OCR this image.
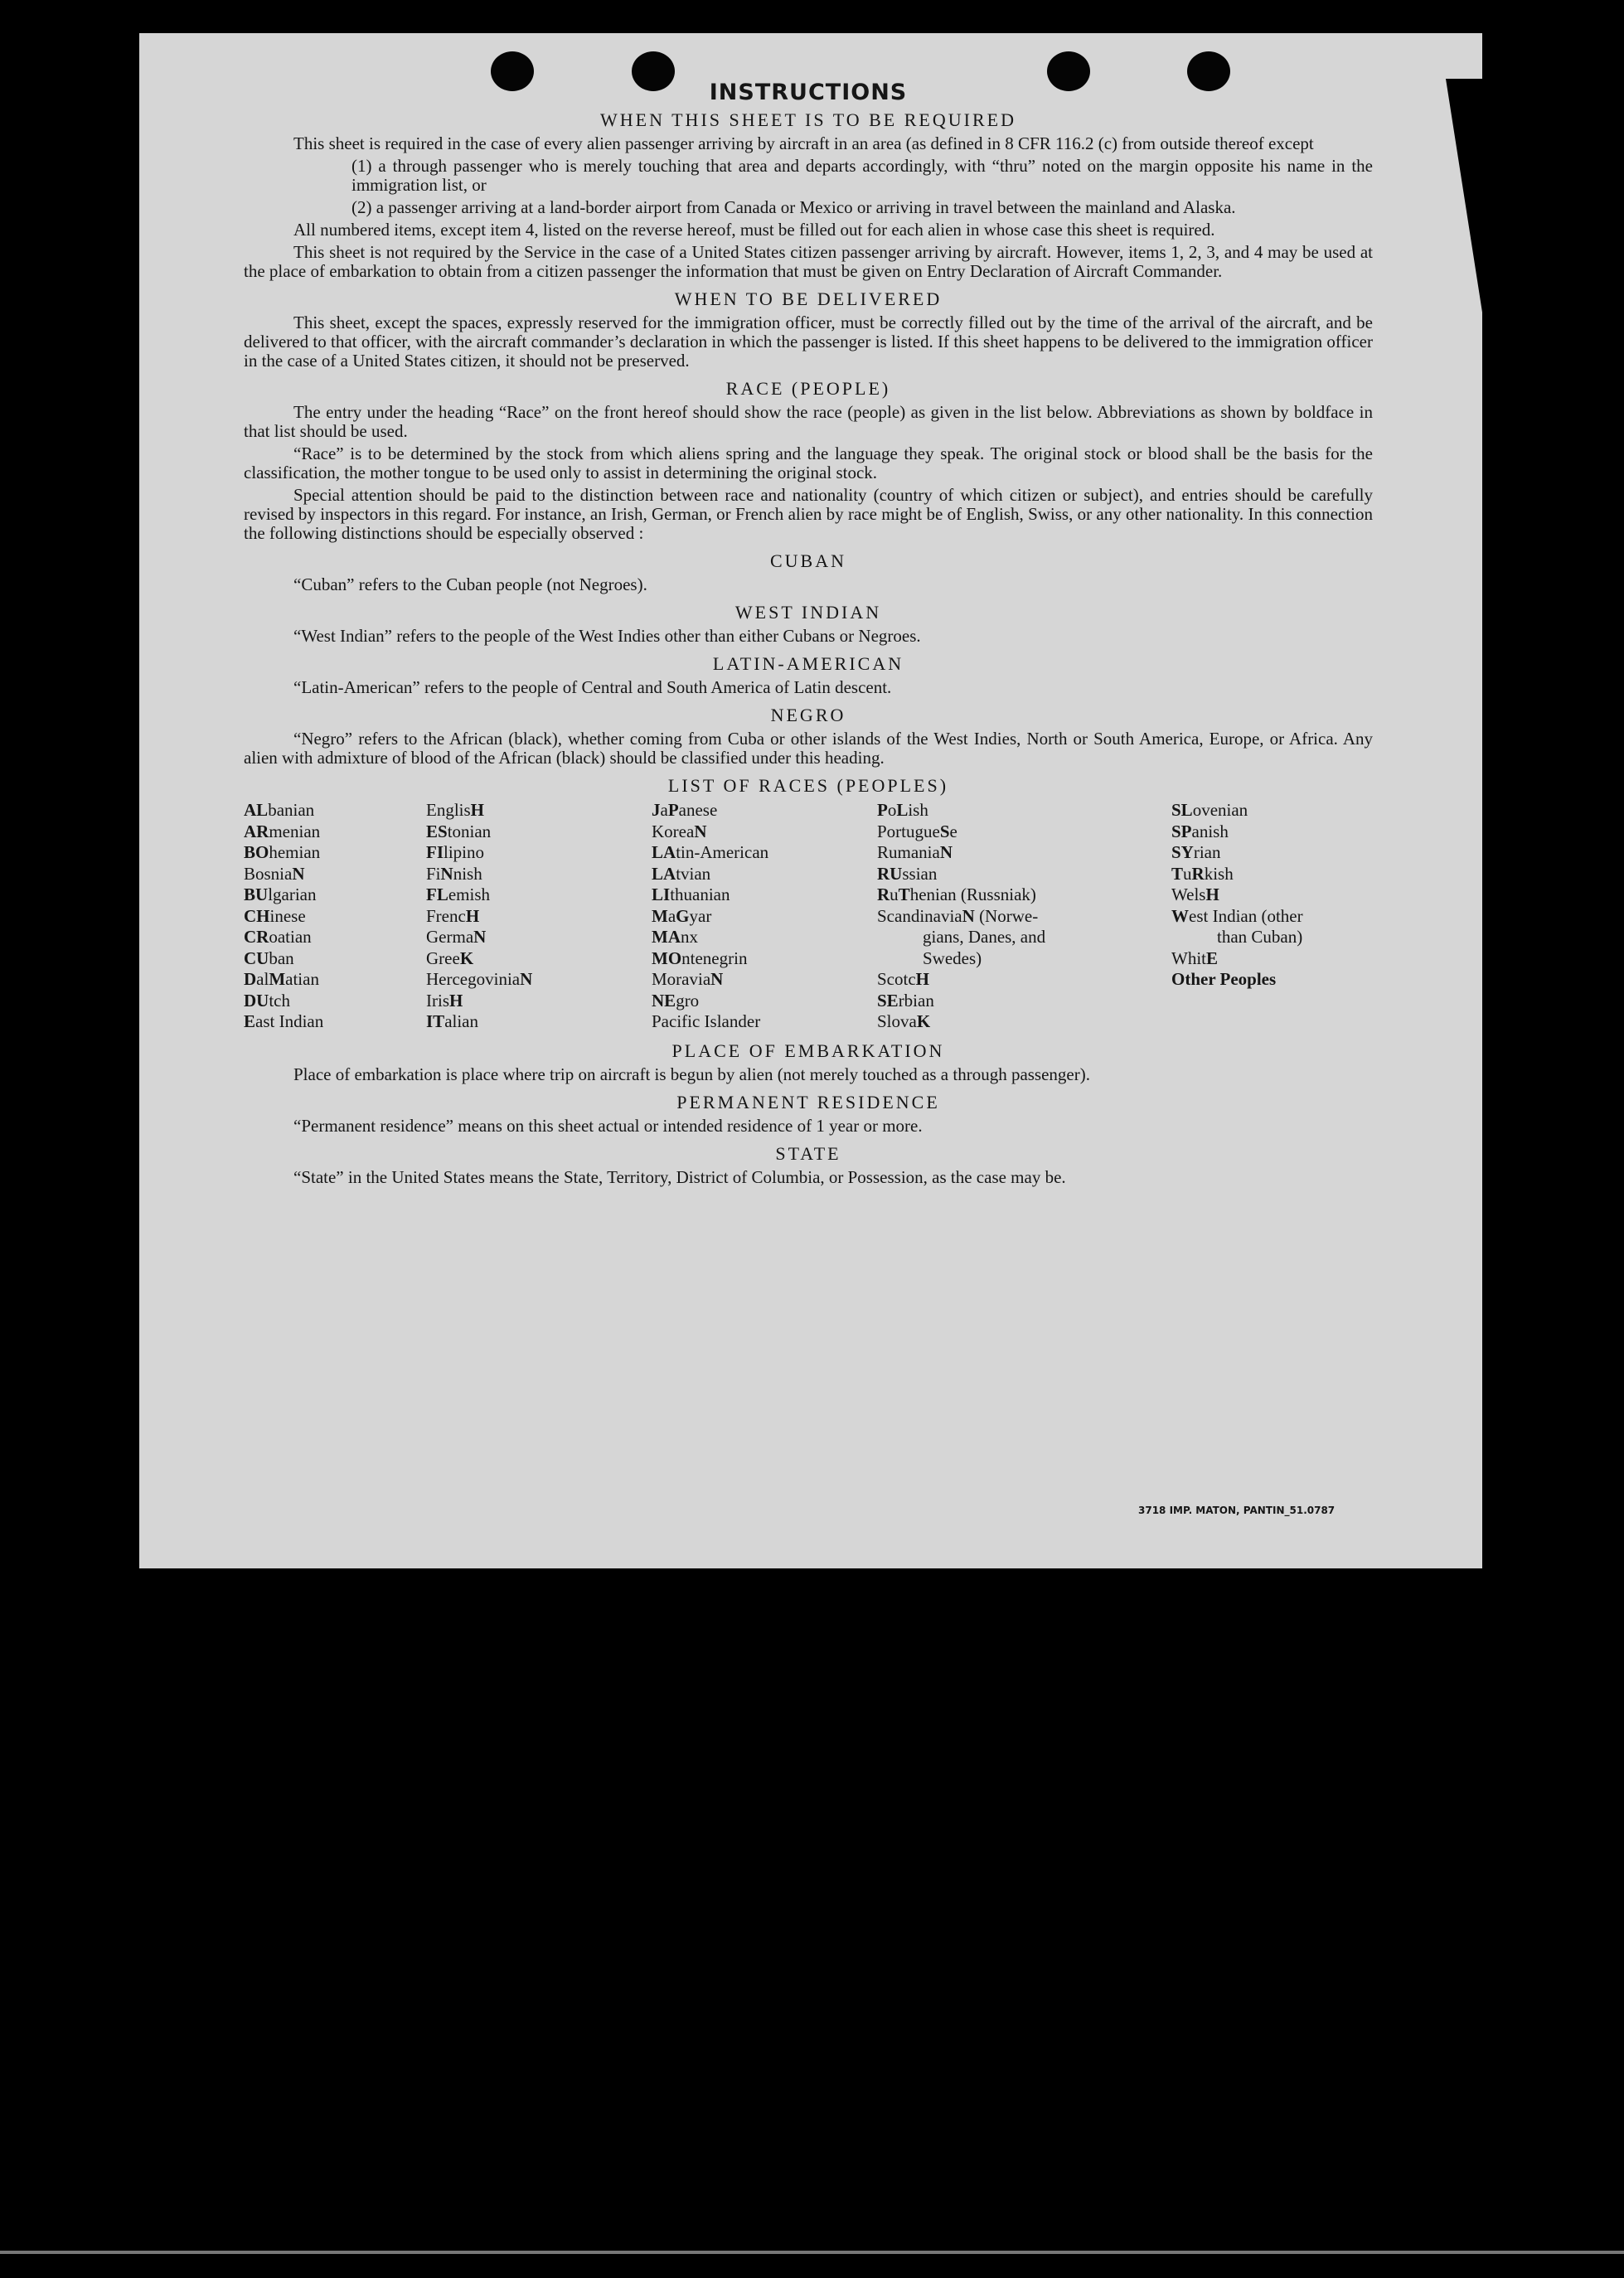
INSTRUCTIONS
WHEN THIS SHEET IS TO BE REQUIRED

This sheet is required in the case of every alien passenger arriving by aircraft in an area (as defined in 8 CFR 116.2 (c) from outside thereof except

(1) a through passenger who is merely touching that area and departs accordingly, with “thru” noted on the margin opposite his name in the immigration list, or

(2) a passenger arriving at a land-border airport from Canada or Mexico or arriving in travel between the mainland and Alaska.

All numbered items, except item 4, listed on the reverse hereof, must be filled out for each alien in whose case this sheet is required.

This sheet is not required by the Service in the case of a United States citizen passenger arriving by aircraft. However, items 1, 2, 3, and 4 may be used at the place of embarkation to obtain from a citizen passenger the information that must be given on Entry Declaration of Aircraft Commander.

WHEN TO BE DELIVERED

This sheet, except the spaces, expressly reserved for the immigration officer, must be correctly filled out by the time of the arrival of the aircraft, and be delivered to that officer, with the aircraft commander’s declaration in which the passenger is listed. If this sheet happens to be delivered to the immigration officer in the case of a United States citizen, it should not be preserved.

RACE (PEOPLE)

The entry under the heading “Race” on the front hereof should show the race (people) as given in the list below. Abbreviations as shown by boldface in that list should be used.

“Race” is to be determined by the stock from which aliens spring and the language they speak. The original stock or blood shall be the basis for the classification, the mother tongue to be used only to assist in determining the original stock.

Special attention should be paid to the distinction between race and nationality (country of which citizen or subject), and entries should be carefully revised by inspectors in this regard. For instance, an Irish, German, or French alien by race might be of English, Swiss, or any other nationality. In this connection the following distinctions should be especially observed :

CUBAN

“Cuban” refers to the Cuban people (not Negroes).

WEST INDIAN

“West Indian” refers to the people of the West Indies other than either Cubans or Negroes.

LATIN-AMERICAN

“Latin-American” refers to the people of Central and South America of Latin descent.

NEGRO

“Negro” refers to the African (black), whether coming from Cuba or other islands of the West Indies, North or South America, Europe, or Africa. Any alien with admixture of blood of the African (black) should be classified under this heading.

LIST OF RACES (PEOPLES)
ALbanian
ARmenian
BOhemian
BosniaN
BUlgarian
CHinese
CRoatian
CUban
DalMatian
DUtch
East Indian
EnglisH
EStonian
FIlipino
FiNnish
FLemish
FrencH
GermaN
GreeK
HercegoviniaN
IrisH
ITalian
JaPanese
KoreaN
LAtin-American
LAtvian
LIthuanian
MaGyar
MAnx
MOntenegrin
MoraviaN
NEgro
Pacific Islander
PoLish
PortugueSe
RumaniaN
RUssian
RuThenian (Russniak)
ScandinaviaN (Norwe-
gians, Danes, and
Swedes)
ScotcH
SErbian
SlovaK
SLovenian
SPanish
SYrian
TuRkish
WelsH
West Indian (other
than Cuban)
WhitE
Other Peoples
PLACE OF EMBARKATION

Place of embarkation is place where trip on aircraft is begun by alien (not merely touched as a through passenger).

PERMANENT RESIDENCE

“Permanent residence” means on this sheet actual or intended residence of 1 year or more.

STATE

“State” in the United States means the State, Territory, District of Columbia, or Possession, as the case may be.

3718 IMP. MATON, PANTIN_51.0787
